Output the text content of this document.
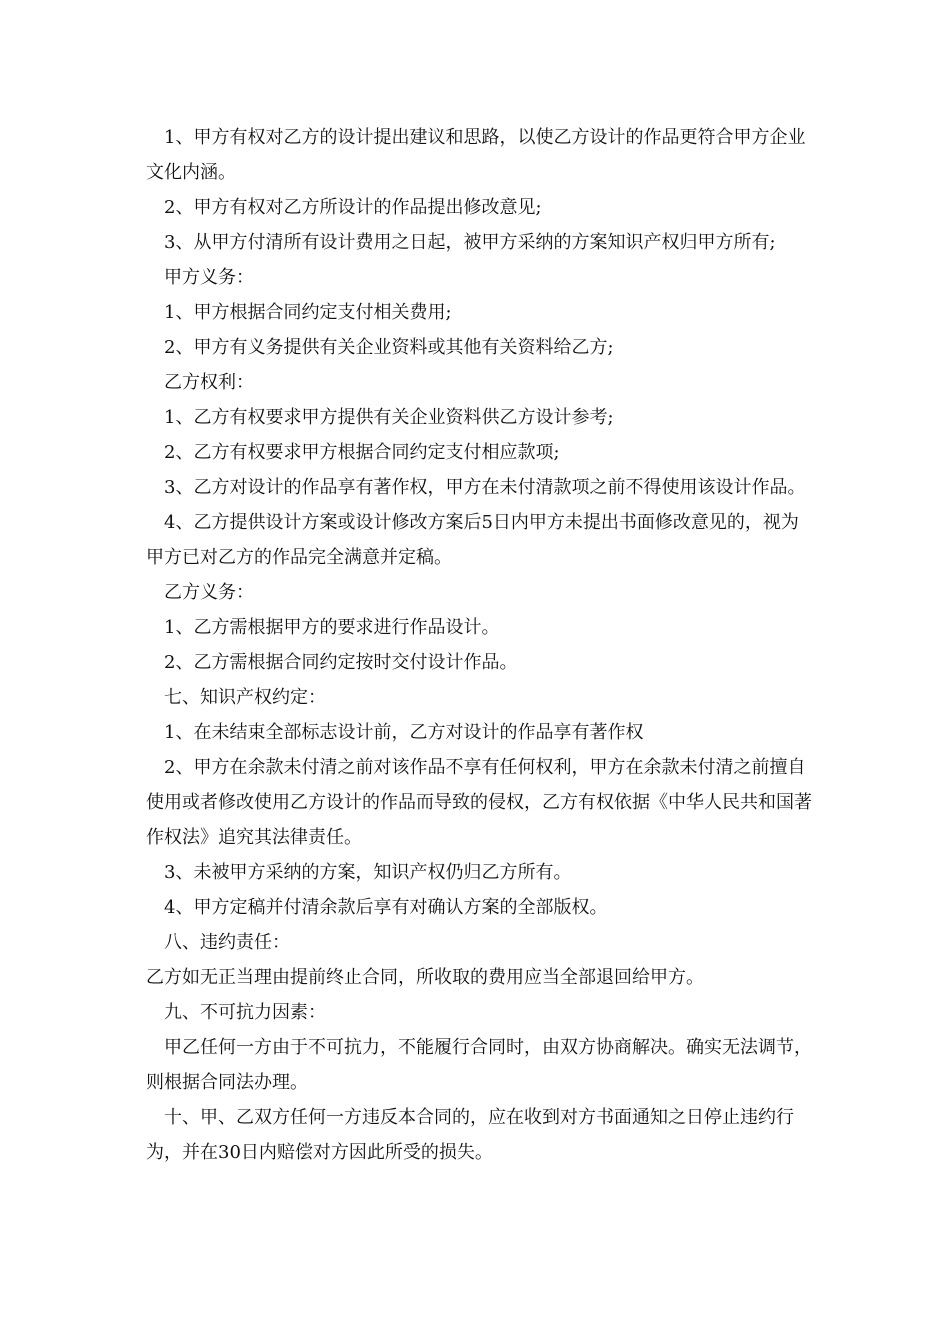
1、甲方有权对乙方的设计提出建议和思路，以使乙方设计的作品更符合甲方企业文化内涵。

2、甲方有权对乙方所设计的作品提出修改意见;

3、从甲方付清所有设计费用之日起，被甲方采纳的方案知识产权归甲方所有;

甲方义务：

1、甲方根据合同约定支付相关费用;

2、甲方有义务提供有关企业资料或其他有关资料给乙方;

乙方权利：

1、乙方有权要求甲方提供有关企业资料供乙方设计参考;

2、乙方有权要求甲方根据合同约定支付相应款项;

3、乙方对设计的作品享有著作权，甲方在未付清款项之前不得使用该设计作品。

4、乙方提供设计方案或设计修改方案后5日内甲方未提出书面修改意见的，视为甲方已对乙方的作品完全满意并定稿。

乙方义务：

1、乙方需根据甲方的要求进行作品设计。

2、乙方需根据合同约定按时交付设计作品。

七、知识产权约定：

1、在未结束全部标志设计前，乙方对设计的作品享有著作权

2、甲方在余款未付清之前对该作品不享有任何权利，甲方在余款未付清之前擅自使用或者修改使用乙方设计的作品而导致的侵权，乙方有权依据《中华人民共和国著作权法》追究其法律责任。

3、未被甲方采纳的方案，知识产权仍归乙方所有。

4、甲方定稿并付清余款后享有对确认方案的全部版权。

八、违约责任：

乙方如无正当理由提前终止合同，所收取的费用应当全部退回给甲方。

九、不可抗力因素：

甲乙任何一方由于不可抗力，不能履行合同时，由双方协商解决。确实无法调节，则根据合同法办理。

十、甲、乙双方任何一方违反本合同的，应在收到对方书面通知之日停止违约行为，并在30日内赔偿对方因此所受的损失。
